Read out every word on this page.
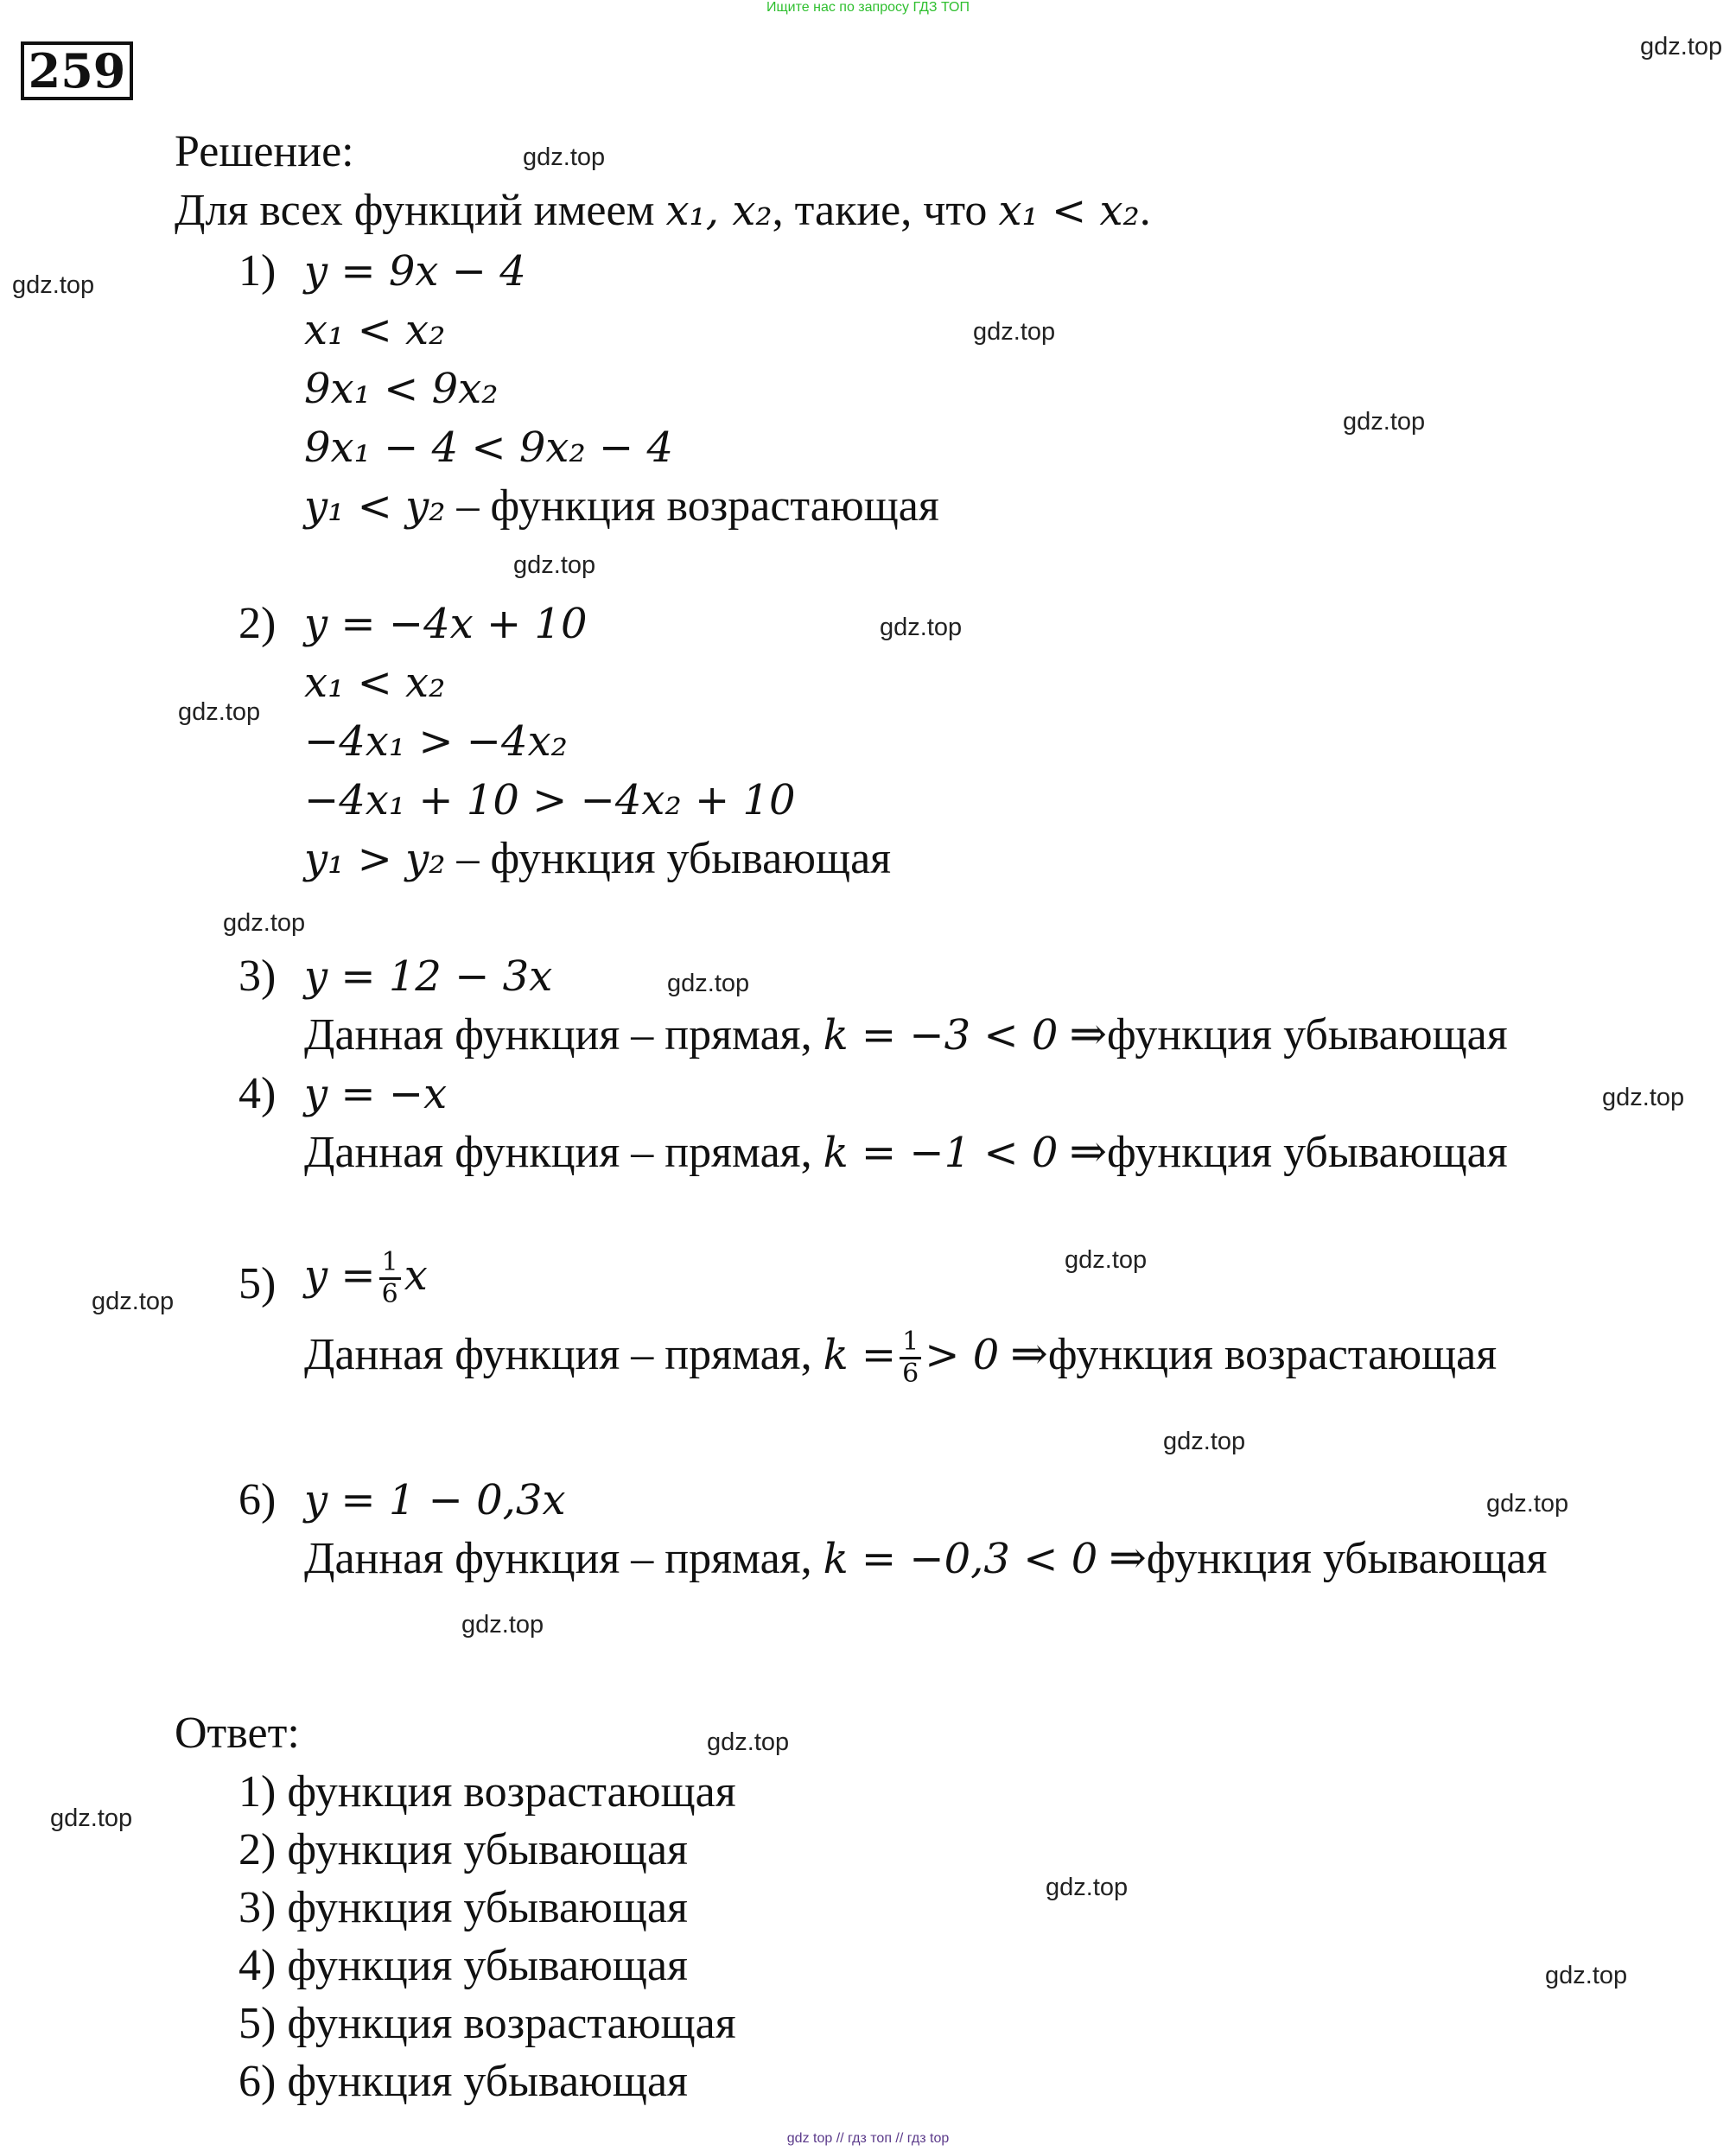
Ищите нас по запросу ГДЗ ТОП
259	gdz.top
gdz.top
gdz.top
gdz.top
gdz.top
gdz.top
gdz.top
gdz.top
gdz.top
gdz.top
gdz.top
gdz.top
gdz.top
gdz.top
gdz.top
gdz.top
gdz.top
gdz.top
gdz.top
gdz.top
Решение:
Для всех функций имеем x₁, x₂, такие, что x₁ < x₂.
1) y = 9x − 4
x₁ < x₂
9x₁ < 9x₂
9x₁ − 4 < 9x₂ − 4
y₁ < y₂ – функция возрастающая
2) y = −4x + 10
x₁ < x₂
−4x₁ > −4x₂
−4x₁ + 10 > −4x₂ + 10
y₁ > y₂ – функция убывающая
3) y = 12 − 3x
Данная функция – прямая, k = −3 < 0 ⇒функция убывающая
4) y = −x
Данная функция – прямая, k = −1 < 0 ⇒функция убывающая
5) $y = \frac{1}{6}$ x
Данная функция – прямая, $k = \frac{1}{6} > 0$ ⇒функция возрастающая
6) y = 1 − 0,3x
Данная функция – прямая, k = −0,3 < 0 ⇒функция убывающая
Ответ:
1) функция возрастающая
2) функция убывающая
3) функция убывающая
4) функция убывающая
5) функция возрастающая
6) функция убывающая
gdz top // гдз топ // гдз top
